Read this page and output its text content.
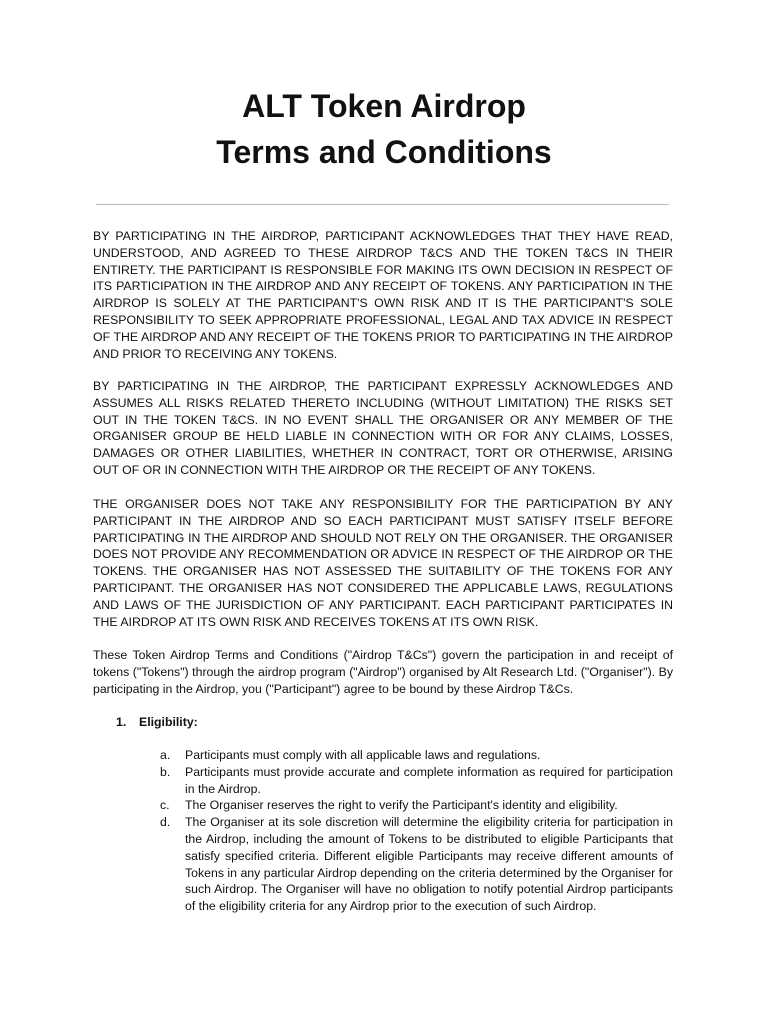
ALT Token Airdrop
Terms and Conditions

BY PARTICIPATING IN THE AIRDROP, PARTICIPANT ACKNOWLEDGES THAT THEY HAVE READ, UNDERSTOOD, AND AGREED TO THESE AIRDROP T&CS AND THE TOKEN T&CS IN THEIR ENTIRETY. THE PARTICIPANT IS RESPONSIBLE FOR MAKING ITS OWN DECISION IN RESPECT OF ITS PARTICIPATION IN THE AIRDROP AND ANY RECEIPT OF TOKENS. ANY PARTICIPATION IN THE AIRDROP IS SOLELY AT THE PARTICIPANT'S OWN RISK AND IT IS THE PARTICIPANT'S SOLE RESPONSIBILITY TO SEEK APPROPRIATE PROFESSIONAL, LEGAL AND TAX ADVICE IN RESPECT OF THE AIRDROP AND ANY RECEIPT OF THE TOKENS PRIOR TO PARTICIPATING IN THE AIRDROP AND PRIOR TO RECEIVING ANY TOKENS.

BY PARTICIPATING IN THE AIRDROP, THE PARTICIPANT EXPRESSLY ACKNOWLEDGES AND ASSUMES ALL RISKS RELATED THERETO INCLUDING (WITHOUT LIMITATION) THE RISKS SET OUT IN THE TOKEN T&CS. IN NO EVENT SHALL THE ORGANISER OR ANY MEMBER OF THE ORGANISER GROUP BE HELD LIABLE IN CONNECTION WITH OR FOR ANY CLAIMS, LOSSES, DAMAGES OR OTHER LIABILITIES, WHETHER IN CONTRACT, TORT OR OTHERWISE, ARISING OUT OF OR IN CONNECTION WITH THE AIRDROP OR THE RECEIPT OF ANY TOKENS.

THE ORGANISER DOES NOT TAKE ANY RESPONSIBILITY FOR THE PARTICIPATION BY ANY PARTICIPANT IN THE AIRDROP AND SO EACH PARTICIPANT MUST SATISFY ITSELF BEFORE PARTICIPATING IN THE AIRDROP AND SHOULD NOT RELY ON THE ORGANISER. THE ORGANISER DOES NOT PROVIDE ANY RECOMMENDATION OR ADVICE IN RESPECT OF THE AIRDROP OR THE TOKENS. THE ORGANISER HAS NOT ASSESSED THE SUITABILITY OF THE TOKENS FOR ANY PARTICIPANT. THE ORGANISER HAS NOT CONSIDERED THE APPLICABLE LAWS, REGULATIONS AND LAWS OF THE JURISDICTION OF ANY PARTICIPANT. EACH PARTICIPANT PARTICIPATES IN THE AIRDROP AT ITS OWN RISK AND RECEIVES TOKENS AT ITS OWN RISK.

These Token Airdrop Terms and Conditions ("Airdrop T&Cs") govern the participation in and receipt of tokens ("Tokens") through the airdrop program ("Airdrop") organised by Alt Research Ltd. ("Organiser"). By participating in the Airdrop, you ("Participant") agree to be bound by these Airdrop T&Cs.

1. Eligibility:
a.	Participants must comply with all applicable laws and regulations.
b.	Participants must provide accurate and complete information as required for participation in the Airdrop.
c.	The Organiser reserves the right to verify the Participant's identity and eligibility.
d.	The Organiser at its sole discretion will determine the eligibility criteria for participation in the Airdrop, including the amount of Tokens to be distributed to eligible Participants that satisfy specified criteria. Different eligible Participants may receive different amounts of Tokens in any particular Airdrop depending on the criteria determined by the Organiser for such Airdrop. The Organiser will have no obligation to notify potential Airdrop participants of the eligibility criteria for any Airdrop prior to the execution of such Airdrop.
